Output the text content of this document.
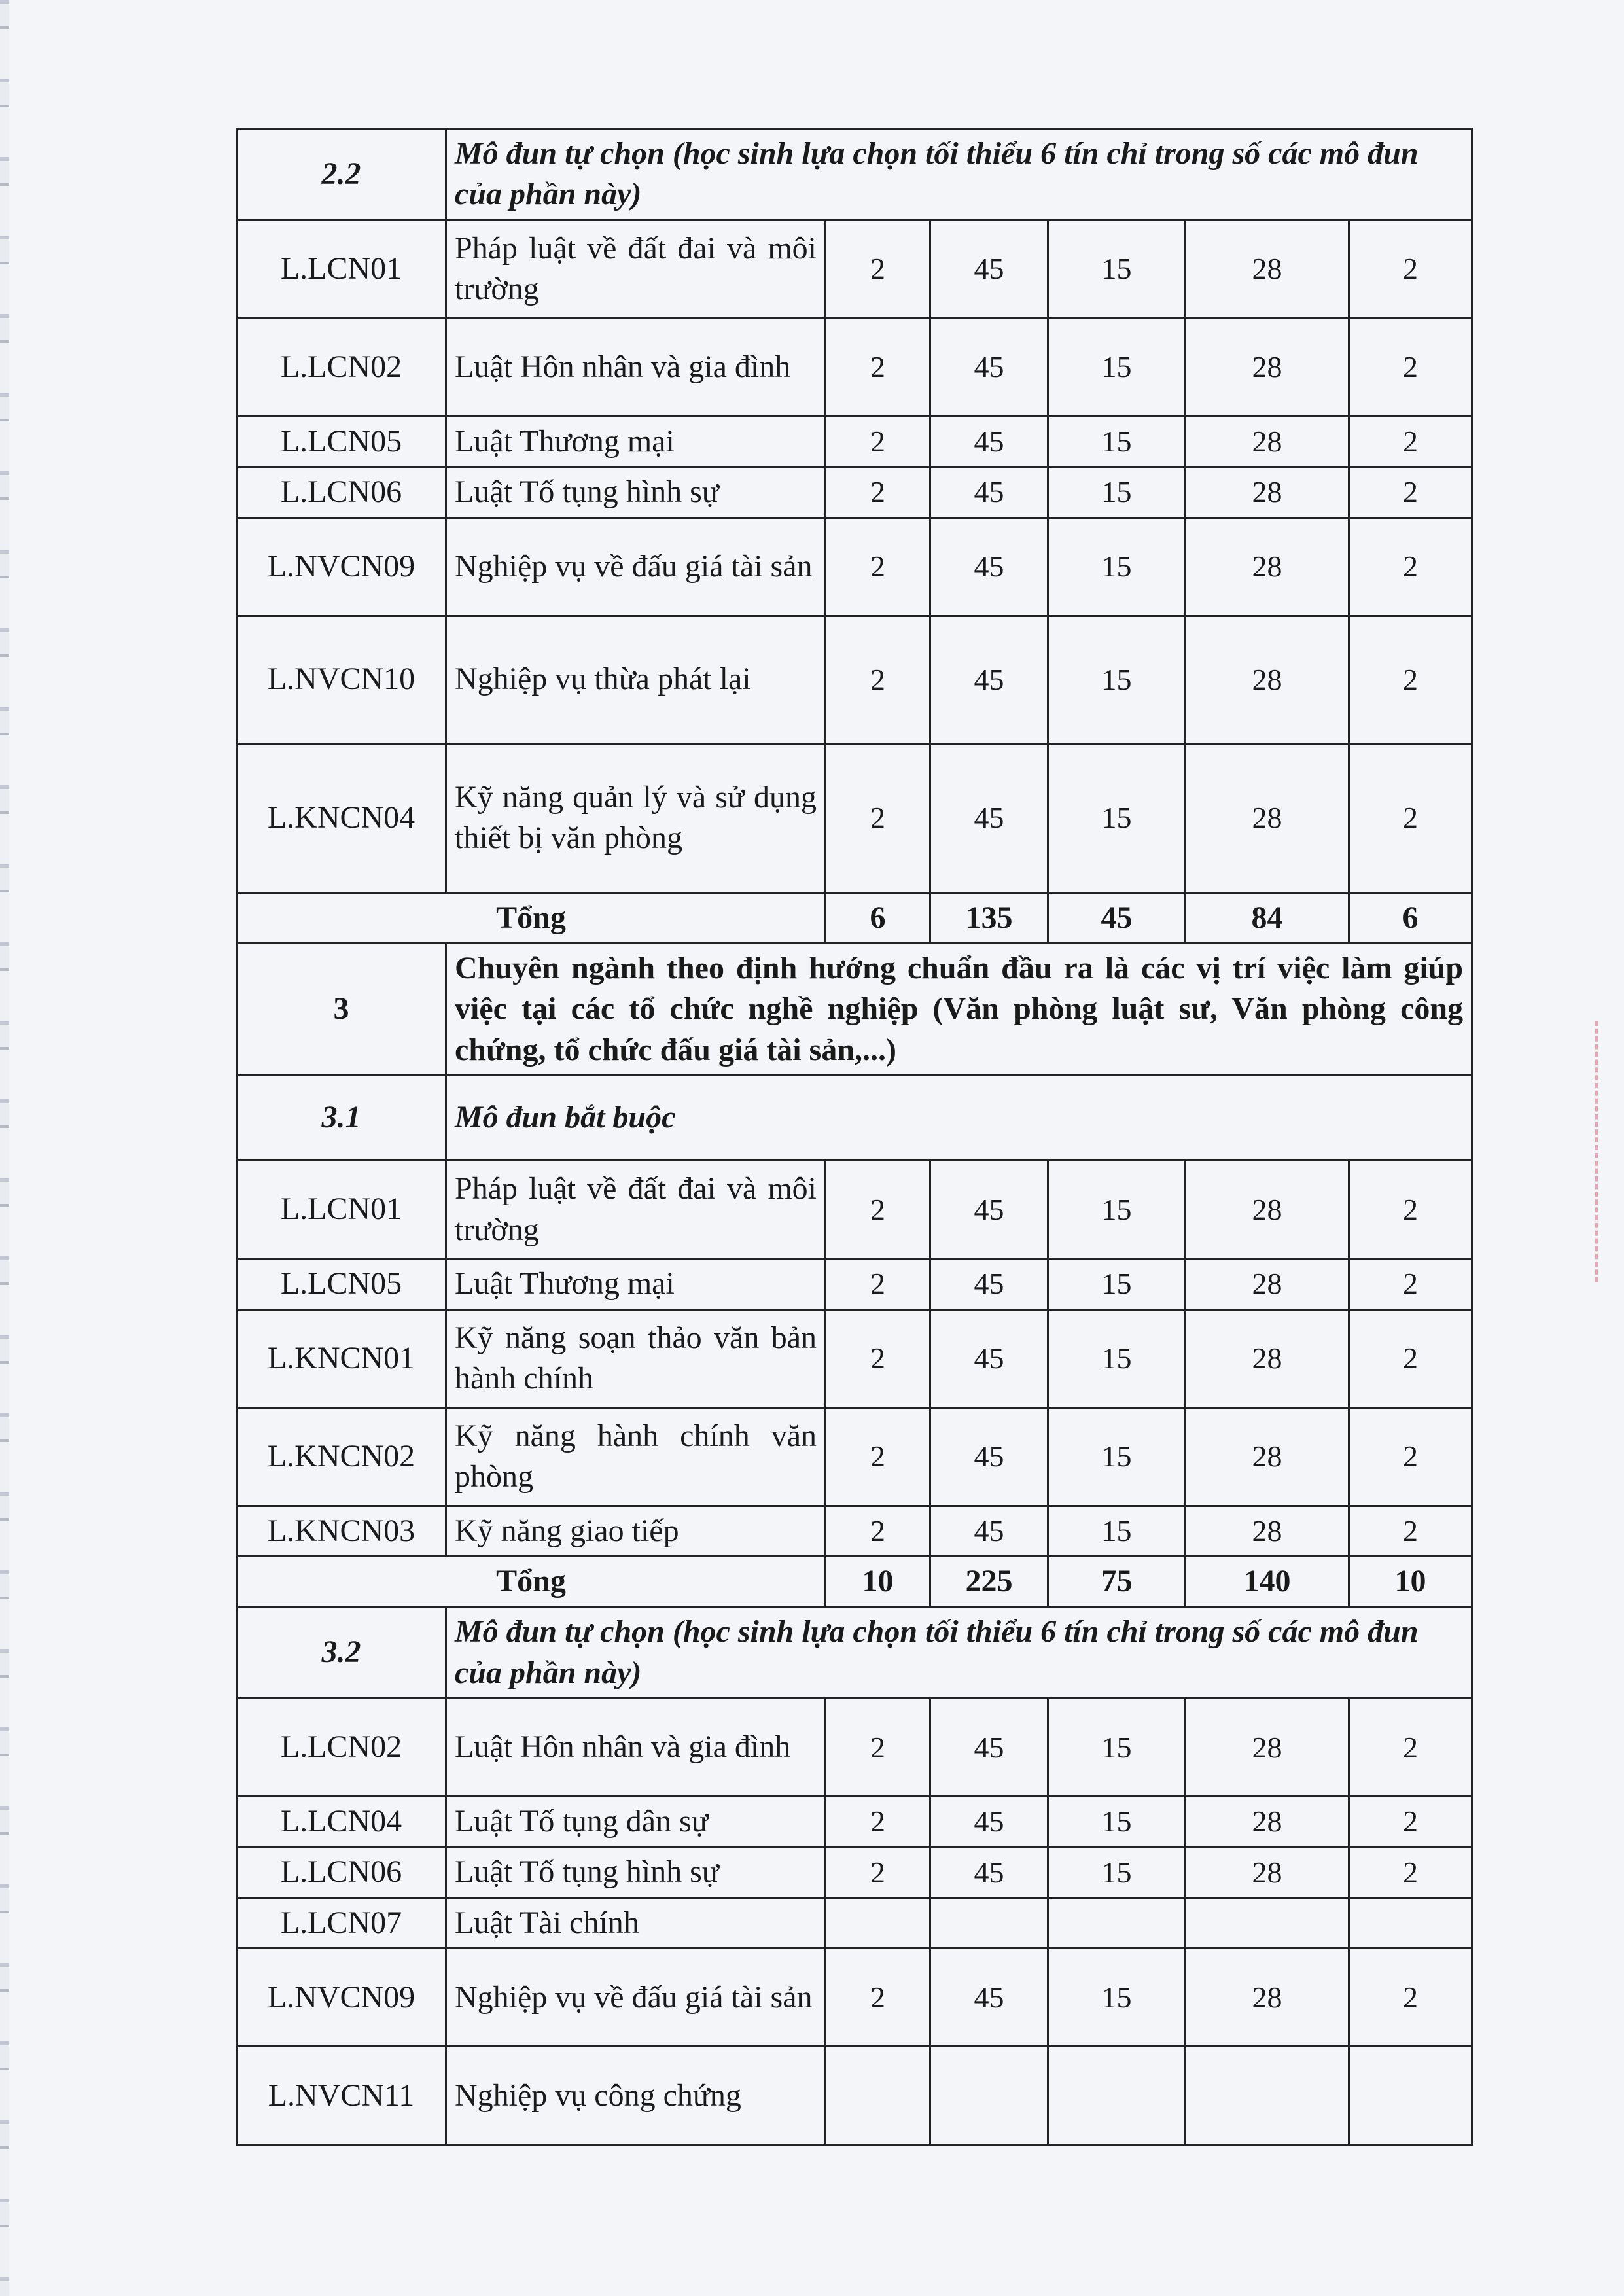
2.2	Mô đun tự chọn (học sinh lựa chọn tối thiểu 6 tín chỉ trong số các mô đun của phần này)					
L.LCN01	Pháp luật về đất đai và môi trường	2	45	15	28	2
L.LCN02	Luật Hôn nhân và gia đình	2	45	15	28	2
L.LCN05	Luật Thương mại	2	45	15	28	2
L.LCN06	Luật Tố tụng hình sự	2	45	15	28	2
L.NVCN09	Nghiệp vụ về đấu giá tài sản	2	45	15	28	2
L.NVCN10	Nghiệp vụ thừa phát lại	2	45	15	28	2
L.KNCN04	Kỹ năng quản lý và sử dụng thiết bị văn phòng	2	45	15	28	2
Tổng		6	135	45	84	6
3	Chuyên ngành theo định hướng chuẩn đầu ra là các vị trí việc làm giúp việc tại các tổ chức nghề nghiệp (Văn phòng luật sư, Văn phòng công chứng, tổ chức đấu giá tài sản,...)					
3.1	Mô đun bắt buộc					
L.LCN01	Pháp luật về đất đai và môi trường	2	45	15	28	2
L.LCN05	Luật Thương mại	2	45	15	28	2
L.KNCN01	Kỹ năng soạn thảo văn bản hành chính	2	45	15	28	2
L.KNCN02	Kỹ năng hành chính văn phòng	2	45	15	28	2
L.KNCN03	Kỹ năng giao tiếp	2	45	15	28	2
Tổng		10	225	75	140	10
3.2	Mô đun tự chọn (học sinh lựa chọn tối thiểu 6 tín chỉ trong số các mô đun của phần này)					
L.LCN02	Luật Hôn nhân và gia đình	2	45	15	28	2
L.LCN04	Luật Tố tụng dân sự	2	45	15	28	2
L.LCN06	Luật Tố tụng hình sự	2	45	15	28	2
L.LCN07	Luật Tài chính					
L.NVCN09	Nghiệp vụ về đấu giá tài sản	2	45	15	28	2
L.NVCN11	Nghiệp vụ công chứng					
